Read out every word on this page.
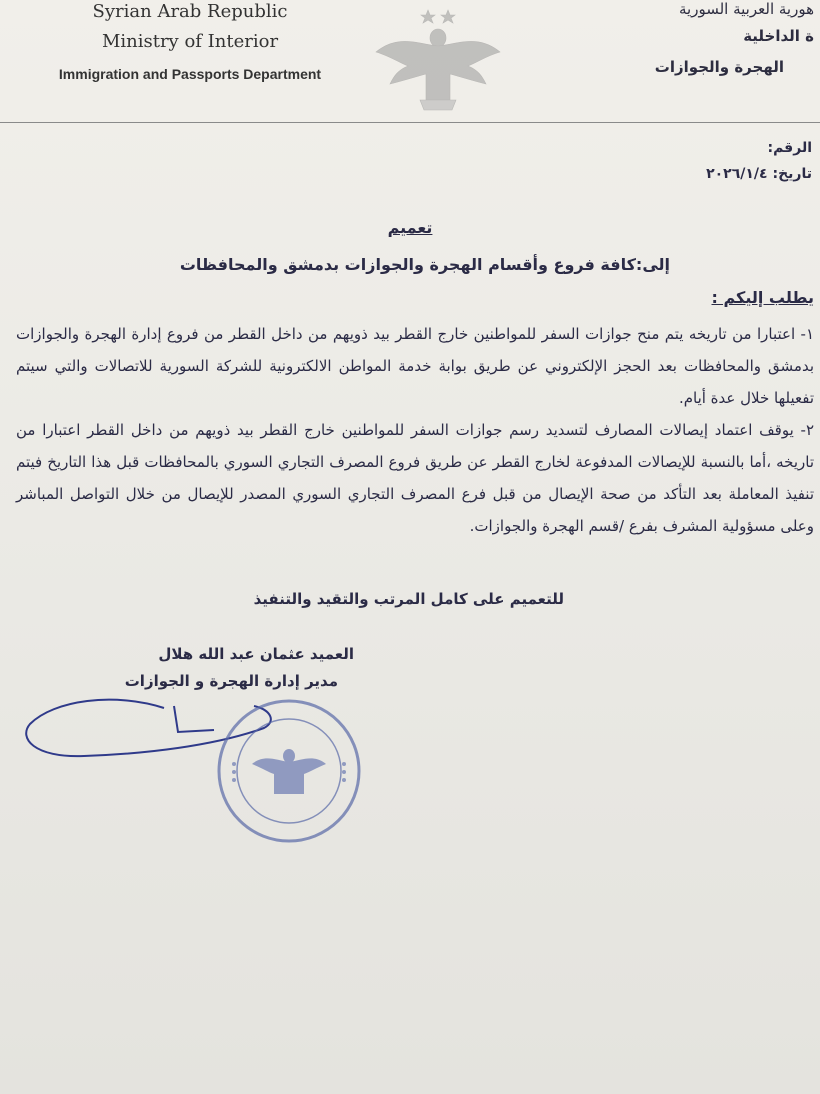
Syrian Arab Republic
Ministry of Interior
Immigration and Passports Department
هورية العربية السورية
ة الداخلية
الهجرة والجوازات
الرقم:
تاريخ: ٢٠٢٦/١/٤
تعميم
إلى:كافة فروع وأقسام الهجرة والجوازات بدمشق والمحافظات
يطلب إليكم :

١- اعتبارا من تاريخه يتم منح جوازات السفر للمواطنين خارج القطر بيد ذويهم من داخل القطر من فروع إدارة الهجرة والجوازات بدمشق والمحافظات بعد الحجز الإلكتروني عن طريق بوابة خدمة المواطن الالكترونية للشركة السورية للاتصالات والتي سيتم تفعيلها خلال عدة أيام.

٢- يوقف اعتماد إيصالات المصارف لتسديد رسم جوازات السفر للمواطنين خارج القطر بيد ذويهم من داخل القطر اعتبارا من تاريخه ،أما بالنسبة للإيصالات المدفوعة لخارج القطر عن طريق فروع المصرف التجاري السوري بالمحافظات قبل هذا التاريخ فيتم تنفيذ المعاملة بعد التأكد من صحة الإيصال من قبل فرع المصرف التجاري السوري المصدر للإيصال من خلال التواصل المباشر وعلى مسؤولية المشرف بفرع /قسم الهجرة والجوازات.

للتعميم على كامل المرتب والتقيد والتنفيذ
العميد عثمان عبد الله هلال
مدير إدارة الهجرة و الجوازات
